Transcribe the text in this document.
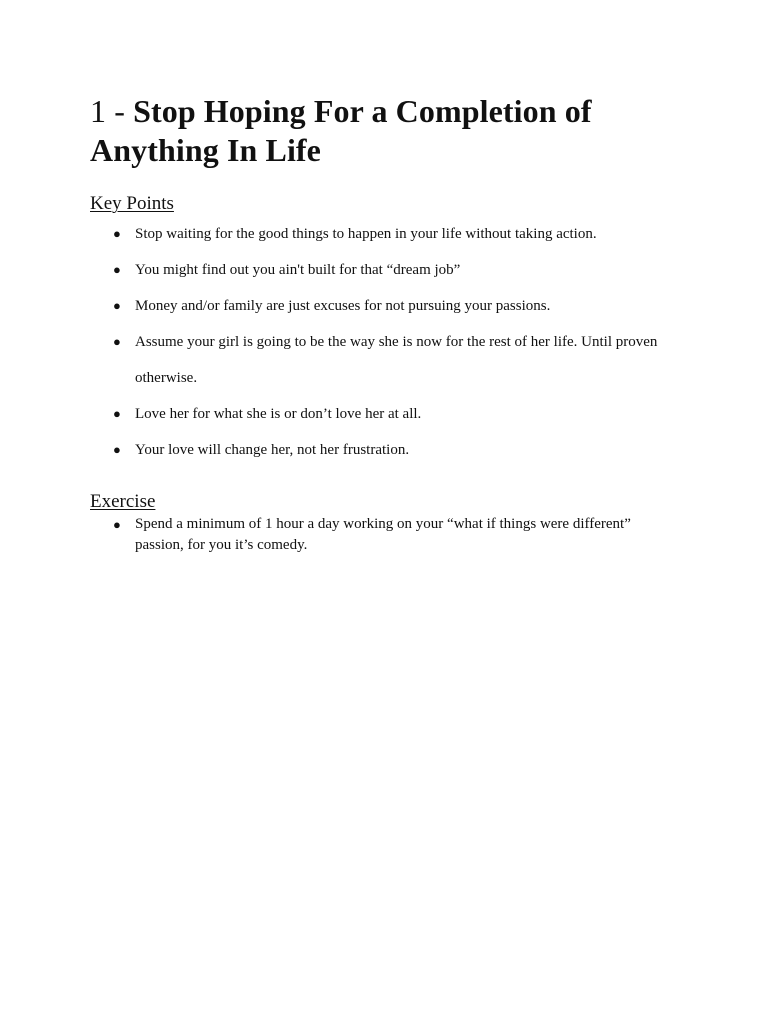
1 - Stop Hoping For a Completion of Anything In Life
Key Points
● Stop waiting for the good things to happen in your life without taking action.
● You might find out you ain't built for that “dream job”
● Money and/or family are just excuses for not pursuing your passions.
● Assume your girl is going to be the way she is now for the rest of her life. Until proven otherwise.
● Love her for what she is or don’t love her at all.
● Your love will change her, not her frustration.
Exercise
● Spend a minimum of 1 hour a day working on your “what if things were different” passion, for you it’s comedy.
